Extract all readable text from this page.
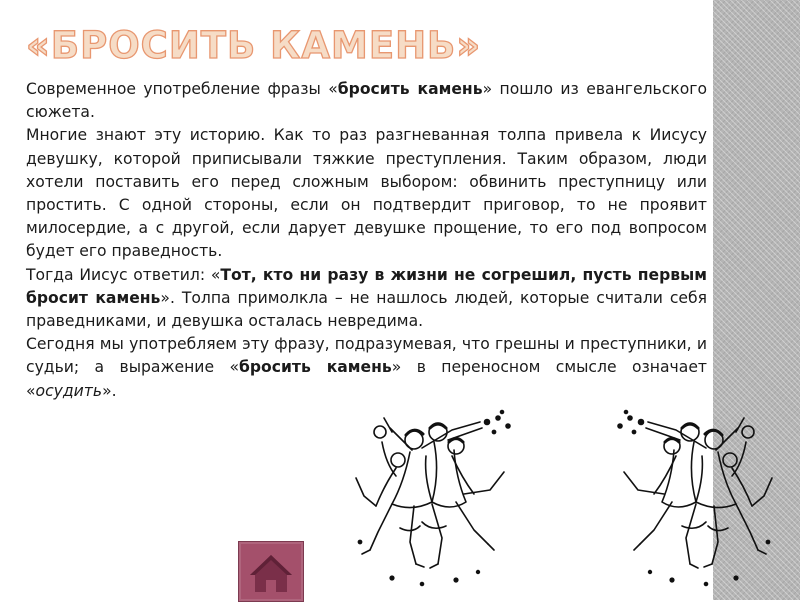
«БРОСИТЬ КАМЕНЬ»

Современное употребление фразы «бросить камень» пошло из евангельского сюжета.

Многие знают эту историю. Как то раз разгневанная толпа привела к Иисусу девушку, которой приписывали тяжкие преступления. Таким образом, люди хотели поставить его перед сложным выбором: обвинить преступницу или простить. С одной стороны, если он подтвердит приговор, то не проявит милосердие, а с другой, если дарует девушке прощение, то его под вопросом будет его праведность.

Тогда Иисус ответил: «Тот, кто ни разу в жизни не согрешил, пусть первым бросит камень». Толпа примолкла – не нашлось людей, которые считали себя праведниками, и девушка осталась невредима.

Сегодня мы употребляем эту фразу, подразумевая, что грешны и преступники, и судьи; а выражение «бросить камень» в переносном смысле означает «осудить».
